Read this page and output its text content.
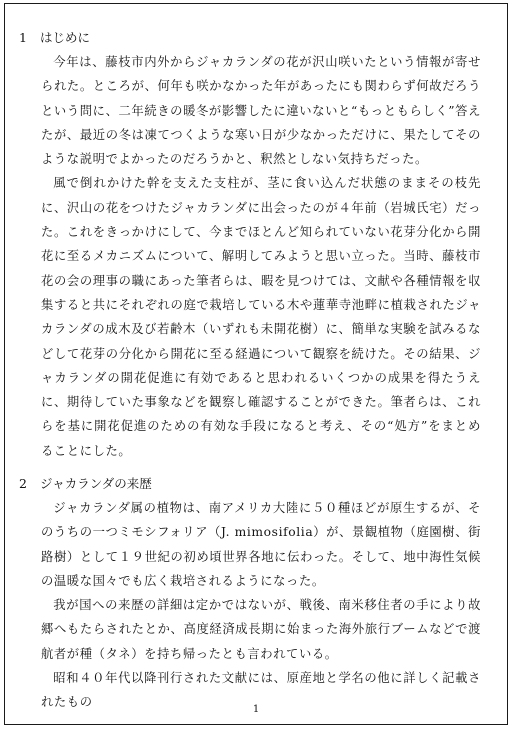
1 はじめに

今年は、藤枝市内外からジャカランダの花が沢山咲いたという情報が寄せられた。ところが、何年も咲かなかった年があったにも関わらず何故だろうという問に、二年続きの暖冬が影響したに違いないと“もっともらしく”答えたが、最近の冬は凍てつくような寒い日が少なかっただけに、果たしてそのような説明でよかったのだろうかと、釈然としない気持ちだった。

風で倒れかけた幹を支えた支柱が、茎に食い込んだ状態のままその枝先に、沢山の花をつけたジャカランダに出会ったのが４年前（岩城氏宅）だった。これをきっかけにして、今までほとんど知られていない花芽分化から開花に至るメカニズムについて、解明してみようと思い立った。当時、藤枝市花の会の理事の職にあった筆者らは、暇を見つけては、文献や各種情報を収集すると共にそれぞれの庭で栽培している木や蓮華寺池畔に植栽されたジャカランダの成木及び若齢木（いずれも未開花樹）に、簡単な実験を試みるなどして花芽の分化から開花に至る経過について観察を続けた。その結果、ジャカランダの開花促進に有効であると思われるいくつかの成果を得たうえに、期待していた事象などを観察し確認することができた。筆者らは、これらを基に開花促進のための有効な手段になると考え、その“処方”をまとめることにした。

2 ジャカランダの来歴

ジャカランダ属の植物は、南アメリカ大陸に５０種ほどが原生するが、そのうちの一つミモシフォリア（J. mimosifolia）が、景観植物（庭園樹、街路樹）として１９世紀の初め頃世界各地に伝わった。そして、地中海性気候の温暖な国々でも広く栽培されるようになった。

我が国への来歴の詳細は定かではないが、戦後、南米移住者の手により故郷へもたらされたとか、高度経済成長期に始まった海外旅行ブームなどで渡航者が種（タネ）を持ち帰ったとも言われている。

昭和４０年代以降刊行された文献には、原産地と学名の他に詳しく記載されたもの

1
